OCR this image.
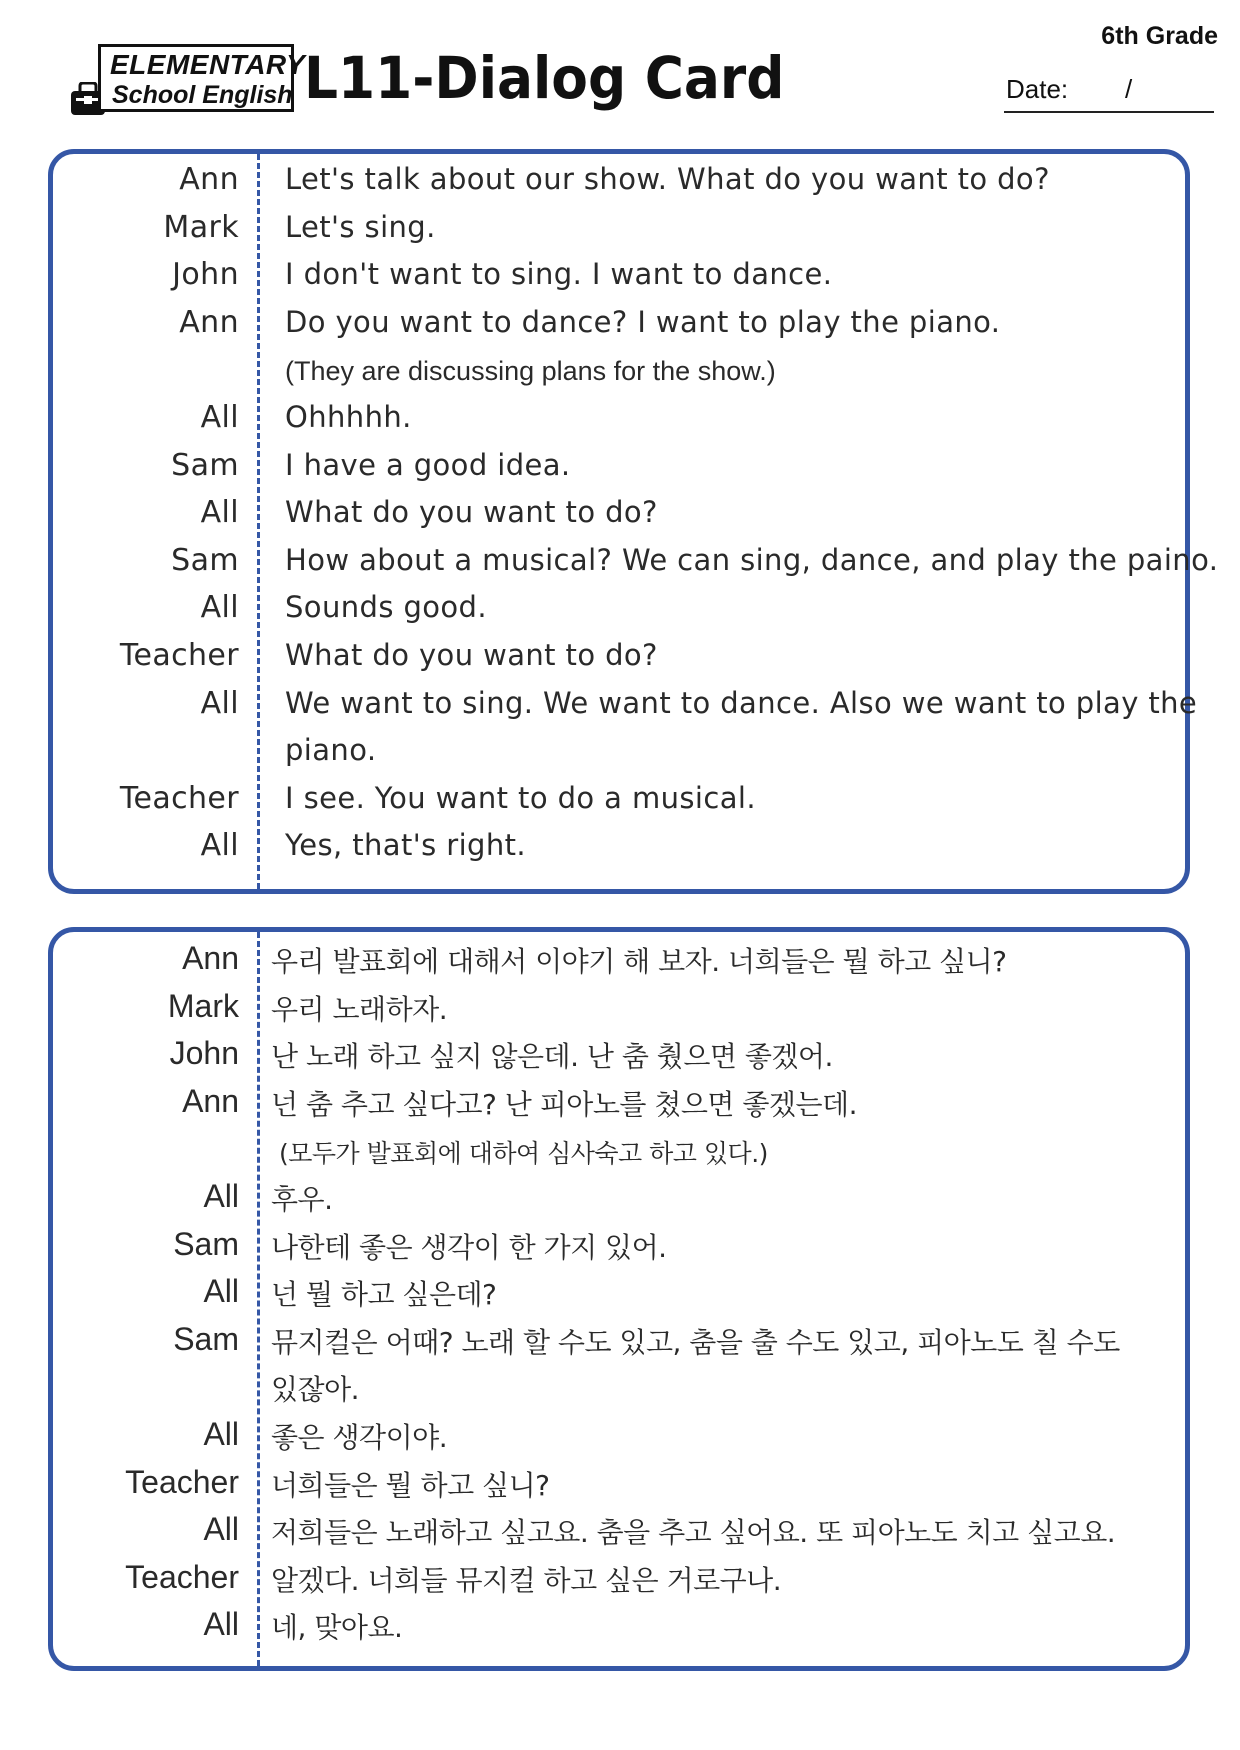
6th Grade
ELEMENTARY
School English L11-Dialog Card	Date: /
Ann Let's talk about our show. What do you want to do?
Mark Let's sing.
John I don't want to sing. I want to dance.
Ann Do you want to dance? I want to play the piano.
(They are discussing plans for the show.)
All Ohhhhh.
Sam I have a good idea.
All What do you want to do?
Sam How about a musical? We can sing, dance, and play the paino.
All Sounds good.
Teacher What do you want to do?
All We want to sing. We want to dance. Also we want to play the
piano.
Teacher I see. You want to do a musical.
All Yes, that's right.
Ann 우리 발표회에 대해서 이야기 해 보자. 너희들은 뭘 하고 싶니?
Mark 우리 노래하자.
John 난 노래 하고 싶지 않은데. 난 춤 췄으면 좋겠어.
Ann 넌 춤 추고 싶다고? 난 피아노를 쳤으면 좋겠는데.
(모두가 발표회에 대하여 심사숙고 하고 있다.)
All 후우.
Sam 나한테 좋은 생각이 한 가지 있어.
All 넌 뭘 하고 싶은데?
Sam 뮤지컬은 어때? 노래 할 수도 있고, 춤을 출 수도 있고, 피아노도 칠 수도
있잖아.
All 좋은 생각이야.
Teacher 너희들은 뭘 하고 싶니?
All 저희들은 노래하고 싶고요. 춤을 추고 싶어요. 또 피아노도 치고 싶고요.
Teacher 알겠다. 너희들 뮤지컬 하고 싶은 거로구나.
All 네, 맞아요.
